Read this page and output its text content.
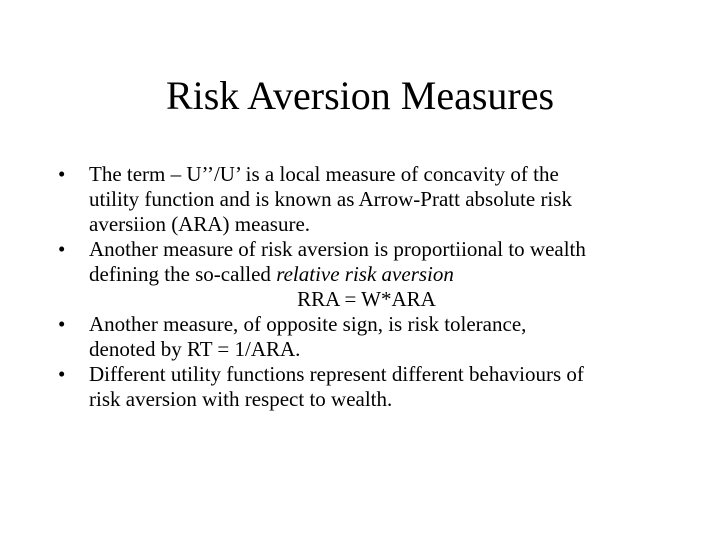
Risk Aversion Measures
•	The term – U’’/U’ is a local measure of concavity of the
utility function and is known as Arrow-Pratt absolute risk
aversiion (ARA) measure.
•	Another measure of risk aversion is proportiional to wealth
defining the so-called relative risk aversion
RRA = W*ARA
•	Another measure, of opposite sign, is risk tolerance,
denoted by RT = 1/ARA.
•	Different utility functions represent different behaviours of
risk aversion with respect to wealth.
